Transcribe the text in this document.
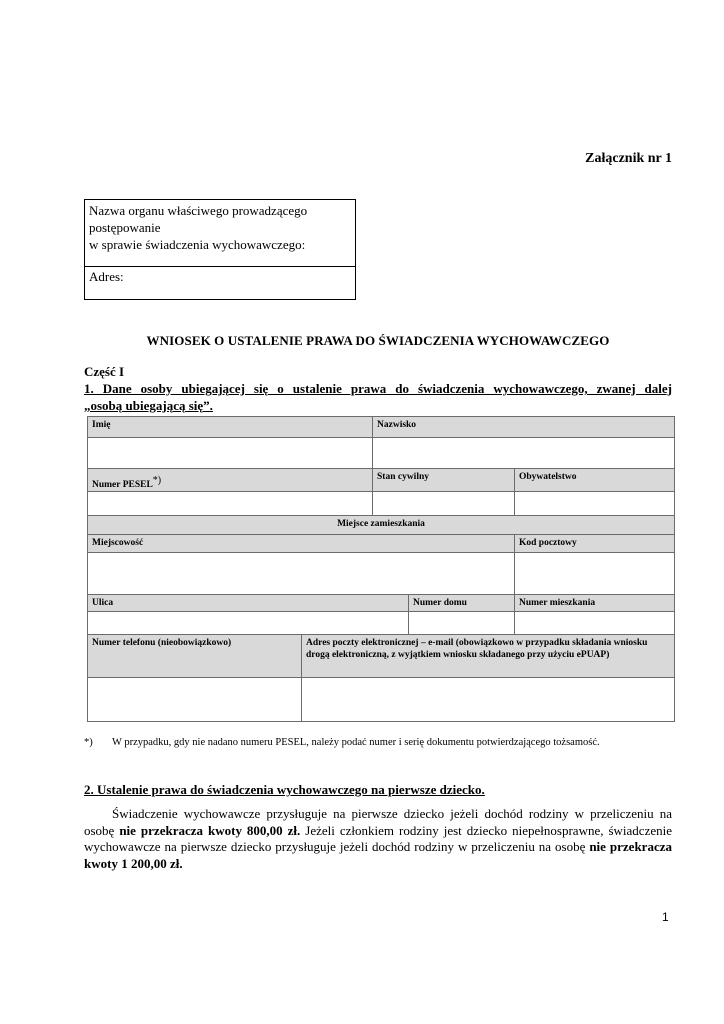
Załącznik nr 1
Nazwa organu właściwego prowadzącego
postępowanie
w sprawie świadczenia wychowawczego:
Adres:
WNIOSEK O USTALENIE PRAWA DO ŚWIADCZENIA WYCHOWAWCZEGO
Część I
1. Dane osoby ubiegającej się o ustalenie prawa do świadczenia wychowawczego, zwanej dalej
„osobą ubiegającą się”.
Imię	Nazwisko
Numer PESEL*)	Stan cywilny	Obywatelstwo
Miejsce zamieszkania
Miejscowość	Kod pocztowy
Ulica	Numer domu	Numer mieszkania
Numer telefonu (nieobowiązkowo)	Adres poczty elektronicznej – e-mail (obowiązkowo w przypadku składania wniosku drogą elektroniczną, z wyjątkiem wniosku składanego przy użyciu ePUAP)
*) W przypadku, gdy nie nadano numeru PESEL, należy podać numer i serię dokumentu potwierdzającego tożsamość.
2. Ustalenie prawa do świadczenia wychowawczego na pierwsze dziecko.
Świadczenie wychowawcze przysługuje na pierwsze dziecko jeżeli dochód rodziny w przeliczeniu na osobę nie przekracza kwoty 800,00 zł. Jeżeli członkiem rodziny jest dziecko niepełnosprawne, świadczenie wychowawcze na pierwsze dziecko przysługuje jeżeli dochód rodziny w przeliczeniu na osobę nie przekracza kwoty 1 200,00 zł.
1
